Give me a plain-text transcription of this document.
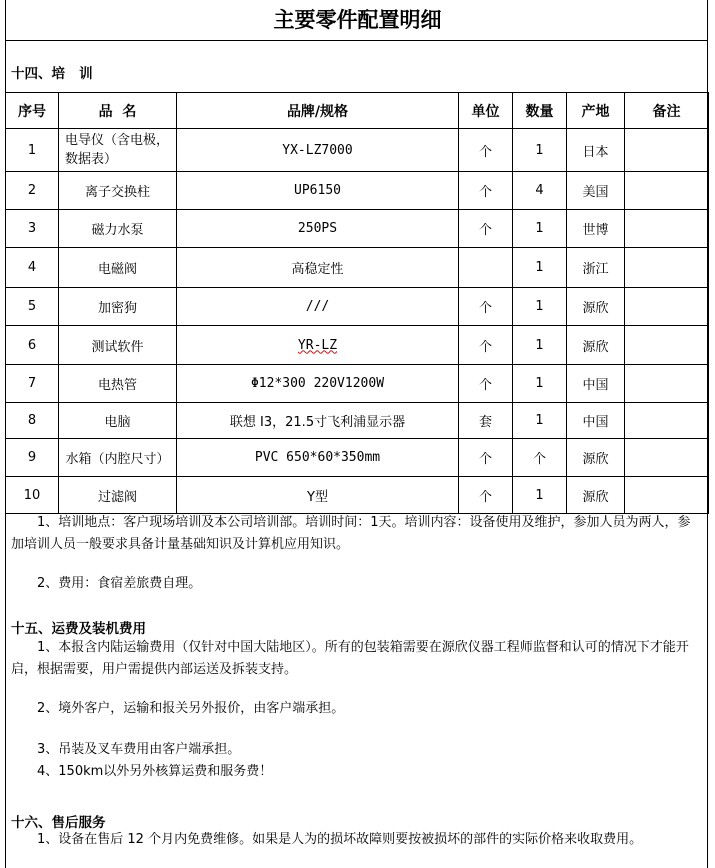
主要零件配置明细
十四、培   训
序号	品  名	品牌/规格	单位	数量	产地	备注
1	电导仪（含电极，数据表）	YX-LZ7000	个	1	日本	
2	离子交换柱	UP6150	个	4	美国	
3	磁力水泵	250PS	个	1	世博	
4	电磁阀	高稳定性		1	浙江	
5	加密狗	///	个	1	源欣	
6	测试软件	YR-LZ	个	1	源欣	
7	电热管	Φ12*300 220V1200W	个	1	中国	
8	电脑	联想 I3，21.5寸飞利浦显示器	套	1	中国	
9	水箱（内腔尺寸）	PVC 650*60*350mm	个	个	源欣	
10	过滤阀	Y型	个	1	源欣	
　　1、培训地点：客户现场培训及本公司培训部。培训时间：1天。培训内容：设备使用及维护，参加人员为两人，参加培训人员一般要求具备计量基础知识及计算机应用知识。
　　2、费用：食宿差旅费自理。
十五、运费及装机费用
　　1、本报含内陆运输费用（仅针对中国大陆地区）。所有的包装箱需要在源欣仪器工程师监督和认可的情况下才能开启，根据需要，用户需提供内部运送及拆装支持。
　　2、境外客户，运输和报关另外报价，由客户端承担。
　　3、吊装及叉车费用由客户端承担。
　　4、150km以外另外核算运费和服务费！
十六、售后服务
　　1、设备在售后 12 个月内免费维修。如果是人为的损坏故障则要按被损坏的部件的实际价格来收取费用。
